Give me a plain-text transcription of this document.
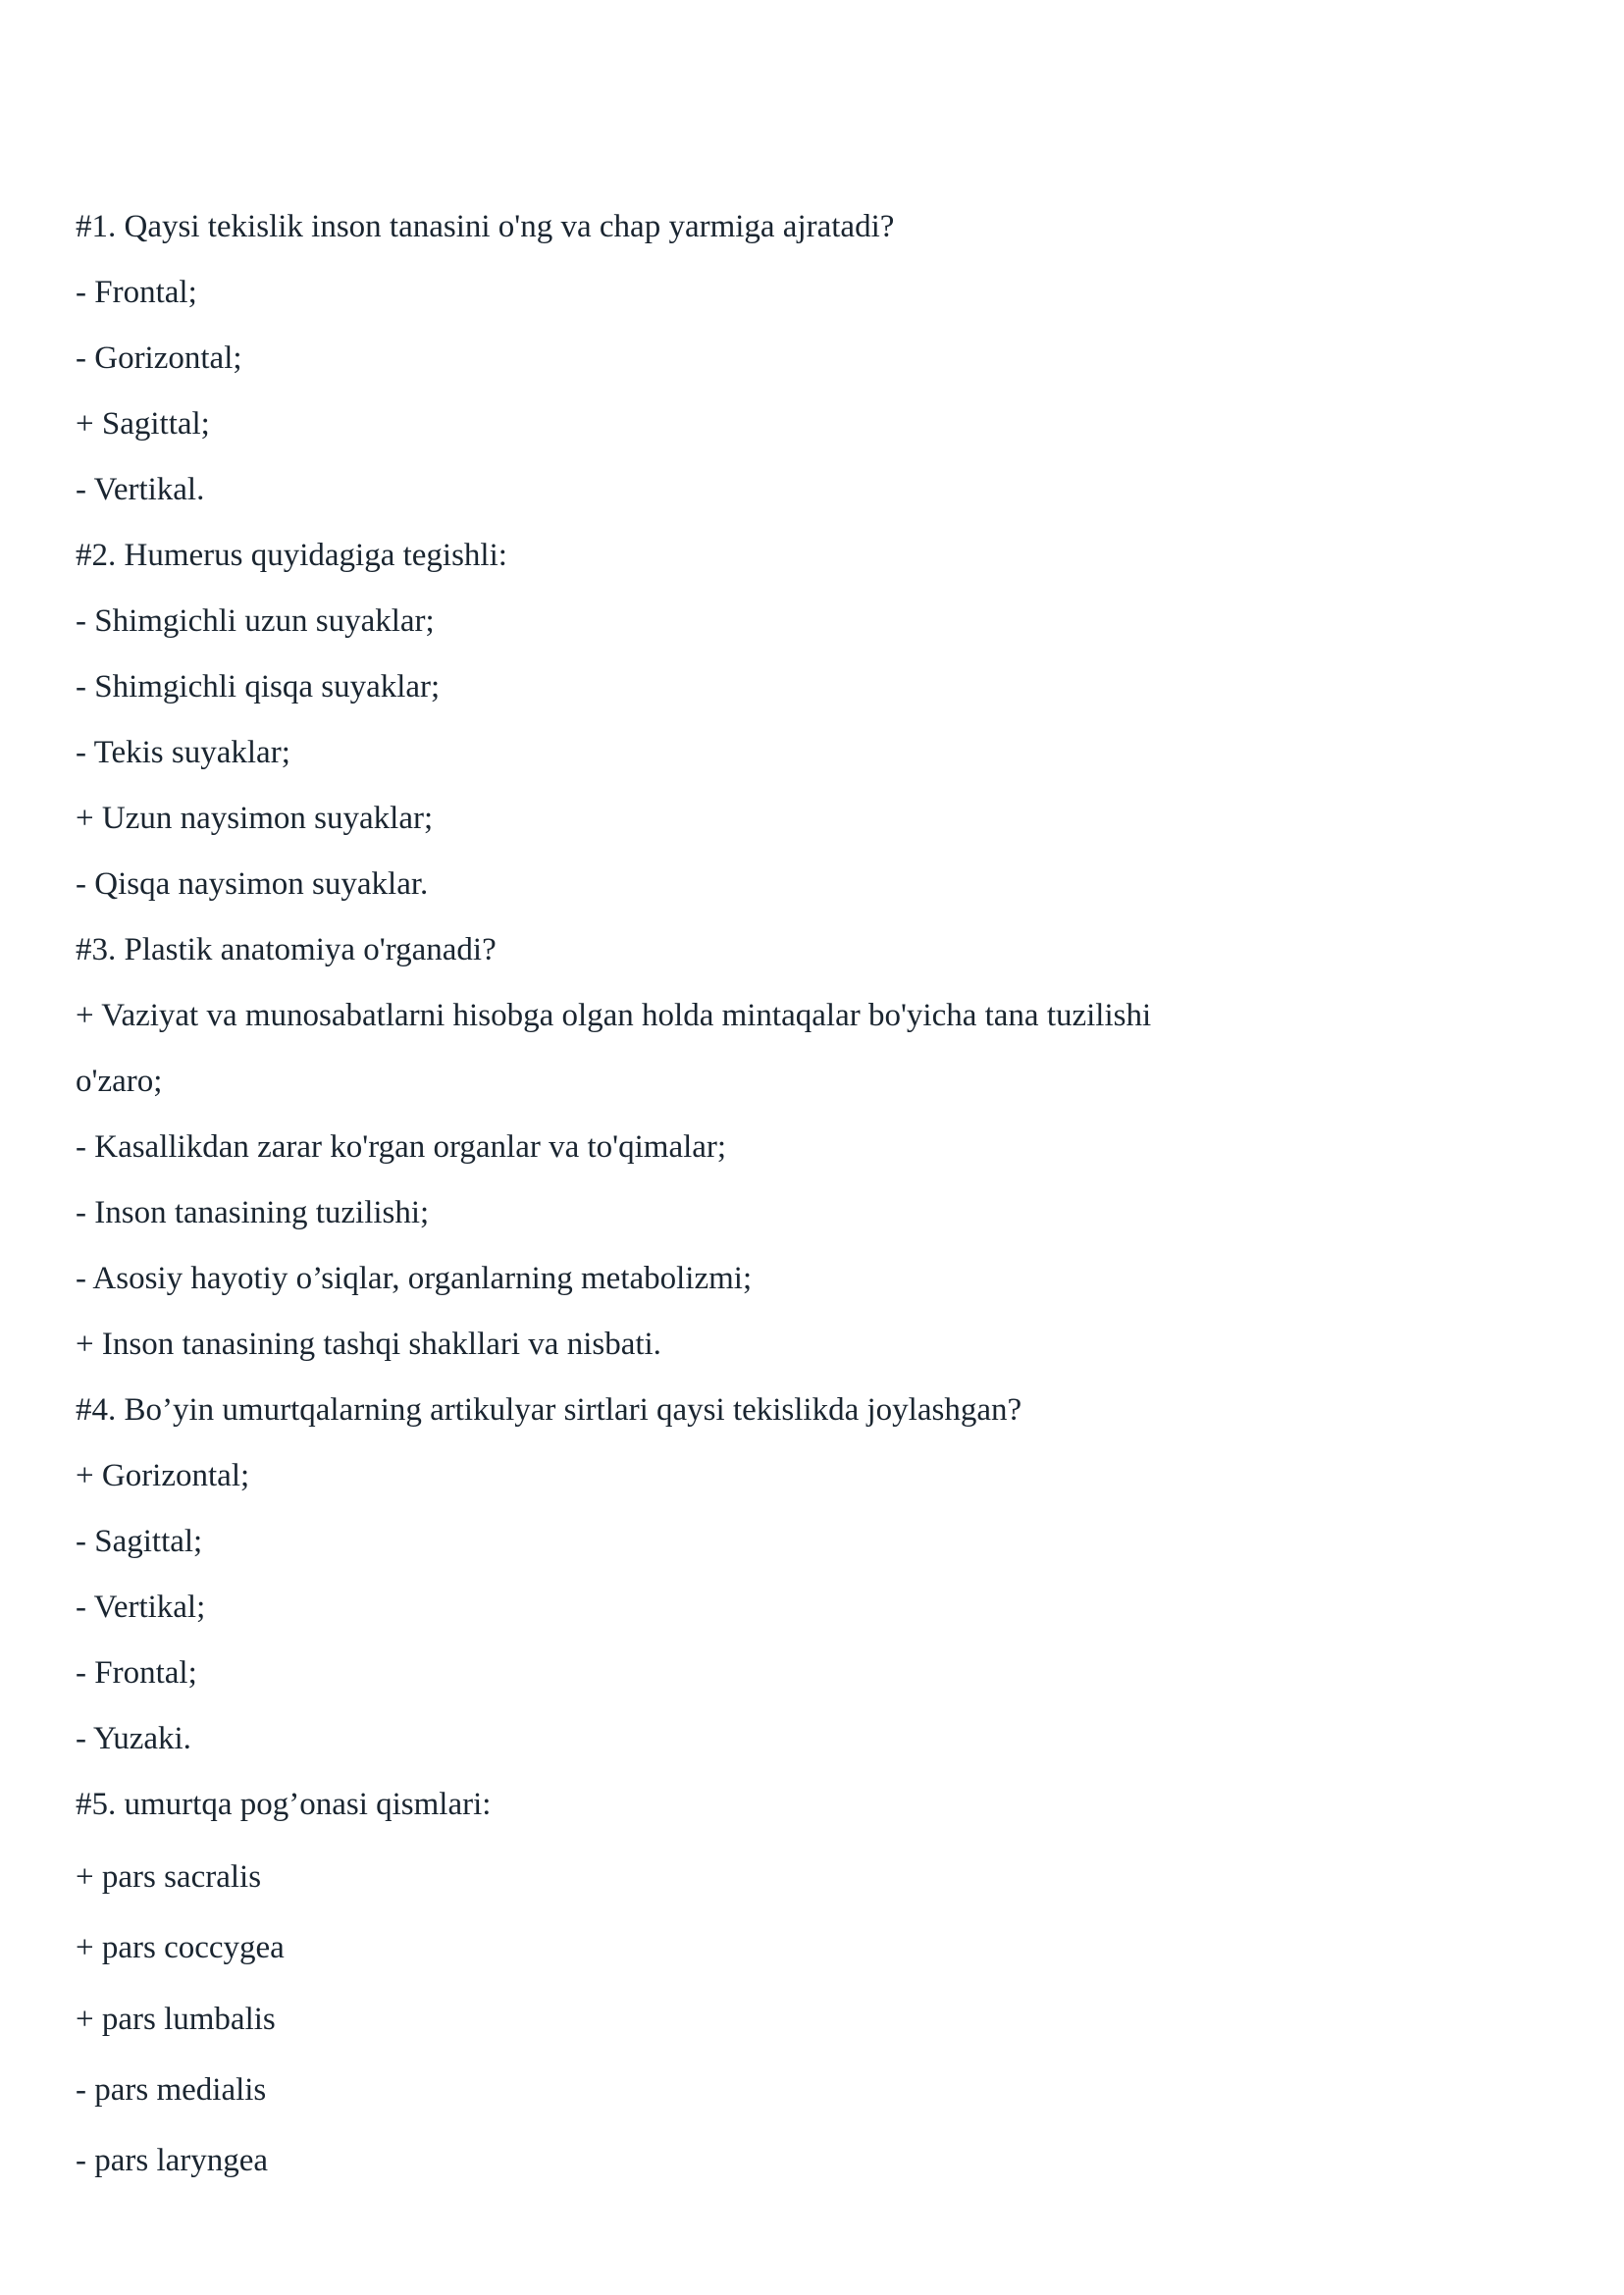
#1. Qaysi tekislik inson tanasini o'ng va chap yarmiga ajratadi?
- Frontal;
- Gorizontal;
+ Sagittal;
- Vertikal.
#2. Humerus quyidagiga tegishli:
- Shimgichli uzun suyaklar;
- Shimgichli qisqa suyaklar;
- Tekis suyaklar;
+ Uzun naysimon suyaklar;
- Qisqa naysimon suyaklar.
#3. Plastik anatomiya o'rganadi?
+ Vaziyat va munosabatlarni hisobga olgan holda mintaqalar bo'yicha tana tuzilishi
o'zaro;
- Kasallikdan zarar ko'rgan organlar va to'qimalar;
- Inson tanasining tuzilishi;
- Asosiy hayotiy o’siqlar, organlarning metabolizmi;
+ Inson tanasining tashqi shakllari va nisbati.
#4. Bo’yin umurtqalarning artikulyar sirtlari qaysi tekislikda joylashgan?
+ Gorizontal;
- Sagittal;
- Vertikal;
- Frontal;
- Yuzaki.
#5. umurtqa pog’onasi qismlari:
+ pars sacralis
+ pars coccygea
+ pars lumbalis
- pars medialis
- pars laryngea
